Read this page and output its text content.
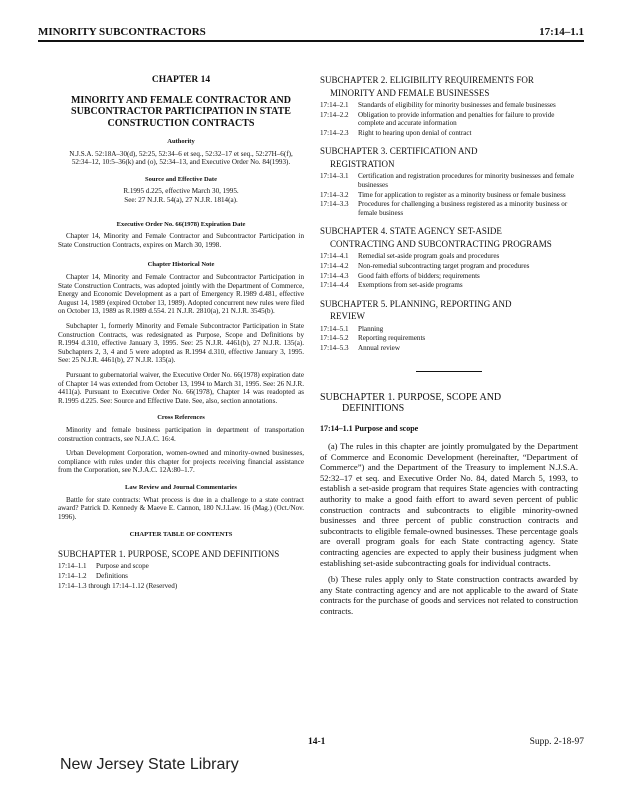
MINORITY SUBCONTRACTORS	17:14–1.1
CHAPTER 14
MINORITY AND FEMALE CONTRACTOR AND SUBCONTRACTOR PARTICIPATION IN STATE CONSTRUCTION CONTRACTS
Authority

N.J.S.A. 52:18A–30(d), 52:25, 52:34–6 et seq., 52:32–17 et seq., 52:27H–6(f), 52:34–12, 10:5–36(k) and (o), 52:34–13, and Executive Order No. 84(1993).

Source and Effective Date
R.1995 d.225, effective March 30, 1995.
See: 27 N.J.R. 54(a), 27 N.J.R. 1814(a).
Executive Order No. 66(1978) Expiration Date

Chapter 14, Minority and Female Contractor and Subcontractor Participation in State Construction Contracts, expires on March 30, 1998.

Chapter Historical Note

Chapter 14, Minority and Female Contractor and Subcontractor Participation in State Construction Contracts, was adopted jointly with the Department of Commerce, Energy and Economic Development as a part of Emergency R.1989 d.481, effective August 14, 1989 (expired October 13, 1989). Adopted concurrent new rules were filed on October 13, 1989 as R.1989 d.554. 21 N.J.R. 2810(a), 21 N.J.R. 3545(b).

Subchapter 1, formerly Minority and Female Subcontractor Participation in State Construction Contracts, was redesignated as Purpose, Scope and Definitions by R.1994 d.310, effective January 3, 1995. See: 25 N.J.R. 4461(b), 27 N.J.R. 135(a). Subchapters 2, 3, 4 and 5 were adopted as R.1994 d.310, effective January 3, 1995. See: 25 N.J.R. 4461(b), 27 N.J.R. 135(a).

Pursuant to gubernatorial waiver, the Executive Order No. 66(1978) expiration date of Chapter 14 was extended from October 13, 1994 to March 31, 1995. See: 26 N.J.R. 4411(a). Pursuant to Executive Order No. 66(1978), Chapter 14 was readopted as R.1995 d.225. See: Source and Effective Date. See, also, section annotations.

Cross References

Minority and female business participation in department of transportation construction contracts, see N.J.A.C. 16:4.

Urban Development Corporation, women-owned and minority-owned businesses, compliance with rules under this chapter for projects receiving financial assistance from the Corporation, see N.J.A.C. 12A:80–1.7.

Law Review and Journal Commentaries

Battle for state contracts: What process is due in a challenge to a state contract award? Patrick D. Kennedy & Maeve E. Cannon, 180 N.J.Law. 16 (Mag.) (Oct./Nov. 1996).

CHAPTER TABLE OF CONTENTS
SUBCHAPTER 1. PURPOSE, SCOPE AND DEFINITIONS
17:14–1.1	Purpose and scope
17:14–1.2	Definitions
17:14–1.3 through 17:14–1.12 (Reserved)
SUBCHAPTER 2. ELIGIBILITY REQUIREMENTS FOR
MINORITY AND FEMALE BUSINESSES
17:14–2.1	Standards of eligibility for minority businesses and female businesses
17:14–2.2	Obligation to provide information and penalties for failure to provide complete and accurate information
17:14–2.3	Right to hearing upon denial of contract
SUBCHAPTER 3. CERTIFICATION AND
REGISTRATION
17:14–3.1	Certification and registration procedures for minority businesses and female businesses
17:14–3.2	Time for application to register as a minority business or female business
17:14–3.3	Procedures for challenging a business registered as a minority business or female business
SUBCHAPTER 4. STATE AGENCY SET-ASIDE
CONTRACTING AND SUBCONTRACTING PROGRAMS
17:14–4.1	Remedial set-aside program goals and procedures
17:14–4.2	Non-remedial subcontracting target program and procedures
17:14–4.3	Good faith efforts of bidders; requirements
17:14–4.4	Exemptions from set-aside programs
SUBCHAPTER 5. PLANNING, REPORTING AND
REVIEW
17:14–5.1	Planning
17:14–5.2	Reporting requirements
17:14–5.3	Annual review
SUBCHAPTER 1. PURPOSE, SCOPE AND
DEFINITIONS
17:14–1.1 Purpose and scope

(a) The rules in this chapter are jointly promulgated by the Department of Commerce and Economic Development (hereinafter, “Department of Commerce”) and the Department of the Treasury to implement N.J.S.A. 52:32–17 et seq. and Executive Order No. 84, dated March 5, 1993, to establish a set-aside program that requires State agencies with contracting authority to make a good faith effort to award seven percent of public construction contracts and subcontracts to eligible minority-owned businesses and three percent of public construction contracts and subcontracts to eligible female-owned businesses. These percentage goals are overall program goals for each State contracting agency. State contracting agencies are expected to apply their business judgment when establishing set-aside subcontracting goals for individual contracts.

(b) These rules apply only to State construction contracts awarded by any State contracting agency and are not applicable to the award of State contracts for the purchase of goods and services not related to construction contracts.

14-1	Supp. 2-18-97
New Jersey State Library
